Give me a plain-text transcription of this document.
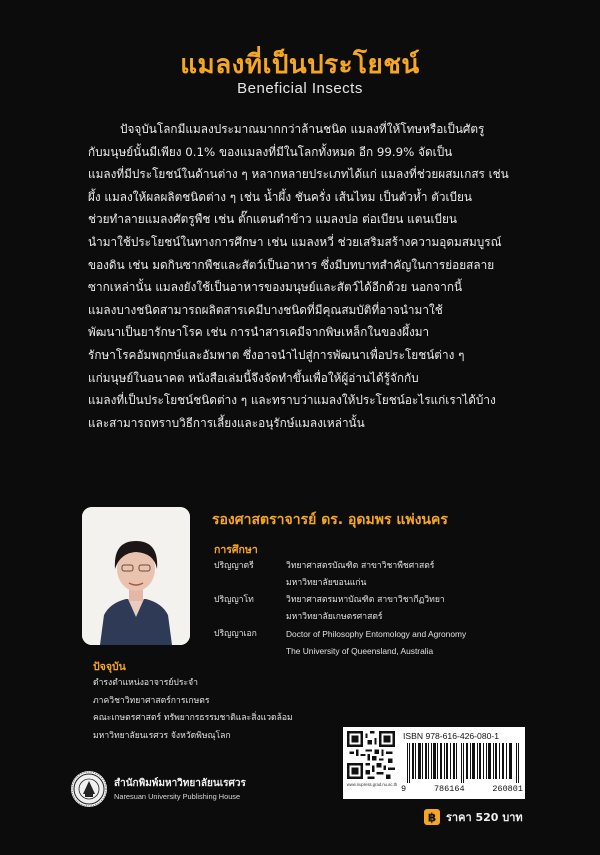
แมลงที่เป็นประโยชน์
Beneficial Insects
ปัจจุบันโลกมีแมลงประมาณมากกว่าล้านชนิด แมลงที่ให้โทษหรือเป็นศัตรู
กับมนุษย์นั้นมีเพียง 0.1% ของแมลงที่มีในโลกทั้งหมด อีก 99.9% จัดเป็น
แมลงที่มีประโยชน์ในด้านต่าง ๆ หลากหลายประเภทได้แก่ แมลงที่ช่วยผสมเกสร เช่น
ผึ้ง แมลงให้ผลผลิตชนิดต่าง ๆ เช่น น้ำผึ้ง ชันครั่ง เส้นไหม เป็นตัวห้ำ ตัวเบียน
ช่วยทำลายแมลงศัตรูพืช เช่น ตั๊กแตนตำข้าว แมลงปอ ต่อเบียน แตนเบียน
นำมาใช้ประโยชน์ในทางการศึกษา เช่น แมลงหวี่ ช่วยเสริมสร้างความอุดมสมบูรณ์
ของดิน เช่น มดกินซากพืชและสัตว์เป็นอาหาร ซึ่งมีบทบาทสำคัญในการย่อยสลาย
ซากเหล่านั้น แมลงยังใช้เป็นอาหารของมนุษย์และสัตว์ได้อีกด้วย นอกจากนี้
แมลงบางชนิดสามารถผลิตสารเคมีบางชนิดที่มีคุณสมบัติที่อาจนำมาใช้
พัฒนาเป็นยารักษาโรค เช่น การนำสารเคมีจากพิษเหล็กในของผึ้งมา
รักษาโรคอัมพฤกษ์และอัมพาต ซึ่งอาจนำไปสู่การพัฒนาเพื่อประโยชน์ต่าง ๆ
แก่มนุษย์ในอนาคต หนังสือเล่มนี้จึงจัดทำขึ้นเพื่อให้ผู้อ่านได้รู้จักกับ
แมลงที่เป็นประโยชน์ชนิดต่าง ๆ และทราบว่าแมลงให้ประโยชน์อะไรแก่เราได้บ้าง
และสามารถทราบวิธีการเลี้ยงและอนุรักษ์แมลงเหล่านั้น
รองศาสตราจารย์ ดร. อุดมพร แพ่งนคร
การศึกษา
ปริญญาตรี	วิทยาศาสตรบัณฑิต สาขาวิชาพืชศาสตร์
มหาวิทยาลัยขอนแก่น
ปริญญาโท	วิทยาศาสตรมหาบัณฑิต สาขาวิชากีฏวิทยา
มหาวิทยาลัยเกษตรศาสตร์
ปริญญาเอก	Doctor of Philosophy Entomology and Agronomy
The University of Queensland, Australia
ปัจจุบัน
ดำรงตำแหน่งอาจารย์ประจำ
ภาควิชาวิทยาศาสตร์การเกษตร
คณะเกษตรศาสตร์ ทรัพยากรธรรมชาติและสิ่งแวดล้อม
มหาวิทยาลัยนเรศวร จังหวัดพิษณุโลก
สำนักพิมพ์มหาวิทยาลัยนเรศวร
Naresuan University Publishing House
www.nupress.grad.nu.ac.th
ISBN 978-616-426-080-1
9	786164	260801
฿ ราคา 520 บาท
